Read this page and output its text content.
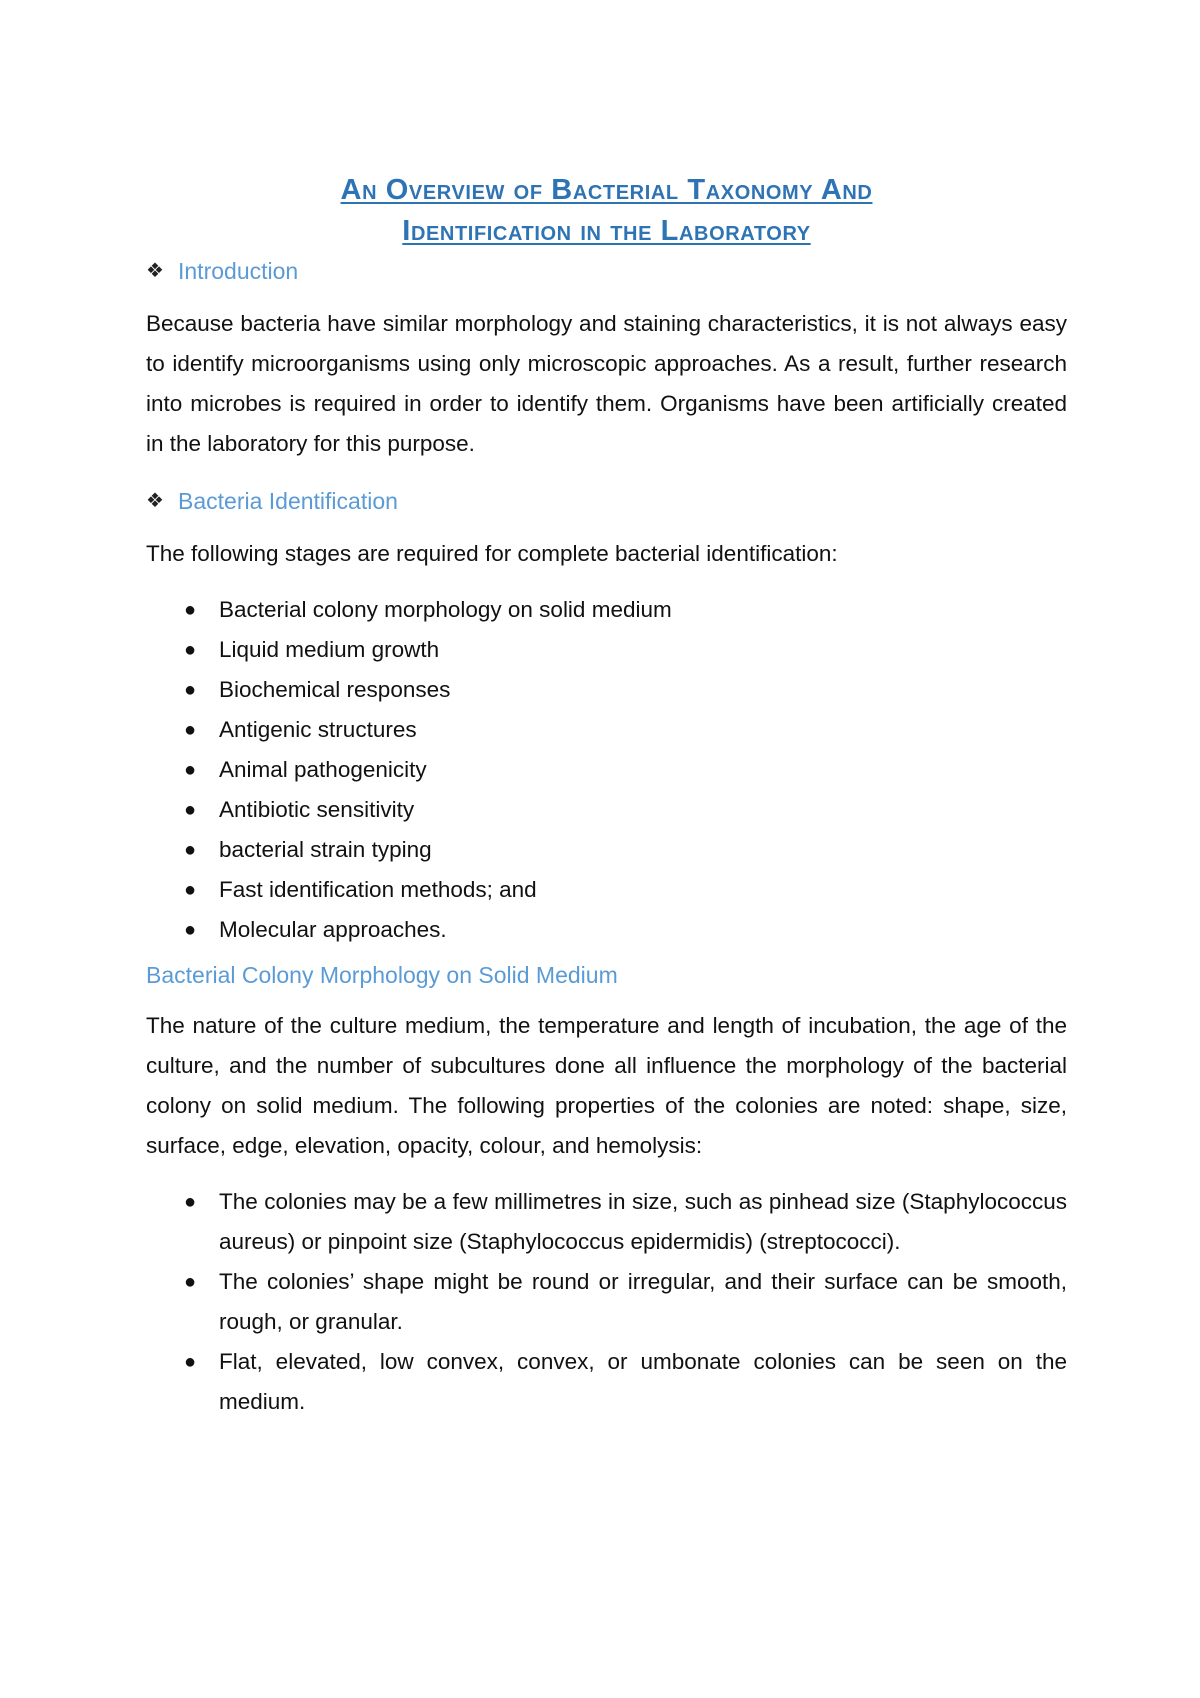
An Overview of Bacterial Taxonomy And
Identification in the Laboratory
❖ Introduction

Because bacteria have similar morphology and staining characteristics, it is not always easy to identify microorganisms using only microscopic approaches. As a result, further research into microbes is required in order to identify them. Organisms have been artificially created in the laboratory for this purpose.

❖ Bacteria Identification

The following stages are required for complete bacterial identification:

● Bacterial colony morphology on solid medium
● Liquid medium growth
● Biochemical responses
● Antigenic structures
● Animal pathogenicity
● Antibiotic sensitivity
● bacterial strain typing
● Fast identification methods; and
● Molecular approaches.
Bacterial Colony Morphology on Solid Medium

The nature of the culture medium, the temperature and length of incubation, the age of the culture, and the number of subcultures done all influence the morphology of the bacterial colony on solid medium. The following properties of the colonies are noted: shape, size, surface, edge, elevation, opacity, colour, and hemolysis:

● The colonies may be a few millimetres in size, such as pinhead size (Staphylococcus aureus) or pinpoint size (Staphylococcus epidermidis) (streptococci).
● The colonies’ shape might be round or irregular, and their surface can be smooth, rough, or granular.
● Flat, elevated, low convex, convex, or umbonate colonies can be seen on the medium.
